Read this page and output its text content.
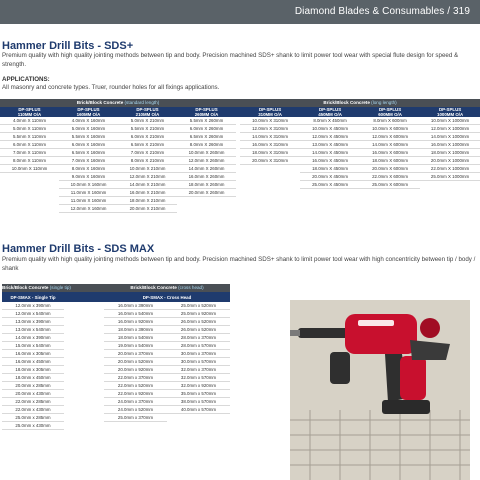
Diamond Blades & Consumables / 319
Hammer Drill Bits - SDS+
Premium quality with high quality jointing methods between tip and body. Precision machined SDS+ shank to limit power tool wear with special flute design for speed & strength.
APPLICATIONS:
All masonry and concrete types. Truer, rounder holes for all fixings applications.
Brick/Block Concrete (standard length)					Brick/Block Concrete (long length)			
DP-SPLUS
110MM O/A	DP-SPLUS
160MM O/A	DP-SPLUS
210MM O/A	DP-SPLUS
260MM O/A		DP-SPLUS
310MM O/A	DP-SPLUS
450MM O/A	DP-SPLUS
600MM O/A	DP-SPLUS
1000MM O/A
4.0mm X 110mm	4.0mm X 160mm	5.0mm X 210mm	5.5mm X 260mm		10.0mm X 310mm	8.0mm X 450mm	8.0mm X 600mm	10.0mm X 1000mm
5.0mm X 110mm	5.0mm X 160mm	5.5mm X 210mm	6.0mm X 260mm		12.0mm X 310mm	10.0mm X 450mm	10.0mm X 600mm	12.0mm X 1000mm
5.5mm X 110mm	5.5mm X 160mm	6.0mm X 210mm	6.5mm X 260mm		14.0mm X 310mm	12.0mm X 450mm	12.0mm X 600mm	14.0mm X 1000mm
6.0mm X 110mm	6.0mm X 160mm	6.5mm X 210mm	8.0mm X 260mm		16.0mm X 310mm	13.0mm X 450mm	14.0mm X 600mm	16.0mm X 1000mm
7.0mm X 110mm	6.5mm X 160mm	7.0mm X 210mm	10.0mm X 260mm		18.0mm X 310mm	14.0mm X 450mm	16.0mm X 600mm	18.0mm X 1000mm
8.0mm X 110mm	7.0mm X 160mm	8.0mm X 210mm	12.0mm X 260mm		20.0mm X 310mm	16.0mm X 450mm	18.0mm X 600mm	20.0mm X 1000mm
10.0mm X 110mm	8.0mm X 160mm	10.0mm X 210mm	14.0mm X 260mm			18.0mm X 450mm	20.0mm X 600mm	22.0mm X 1000mm
	9.0mm X 160mm	12.0mm X 210mm	16.0mm X 260mm			20.0mm X 450mm	22.0mm X 600mm	25.0mm X 1000mm
	10.0mm X 160mm	14.0mm X 210mm	18.0mm X 260mm			25.0mm X 450mm	25.0mm X 600mm	
	11.0mm X 160mm	16.0mm X 210mm	20.0mm X 260mm					
	11.0mm X 160mm	18.0mm X 210mm						
	12.0mm X 160mm	20.0mm X 210mm						
Hammer Drill Bits - SDS MAX
Premium quality with high quality jointing methods between tip and body. Precision machined SDS+ shank to limit power tool wear with high concentricity between tip / body / shank
Brick/Block Concrete (single tip)		Brick/Block Concrete (cross head)	
DP-SMAX - Single Tip		DP-SMAX - Cross Head	
12.0mm x 390mm		16.0mm x 390mm	25.0mm x 520mm
12.0mm x 540mm		16.0mm x 540mm	25.0mm x 920mm
13.0mm x 390mm		16.0mm x 920mm	26.0mm x 520mm
13.0mm x 540mm		18.0mm x 390mm	26.0mm x 520mm
14.0mm x 390mm		18.0mm x 540mm	28.0mm x 370mm
15.0mm x 540mm		19.0mm x 540mm	28.0mm x 570mm
16.0mm x 305mm		20.0mm x 370mm	30.0mm x 370mm
16.0mm x 450mm		20.0mm x 520mm	30.0mm x 570mm
18.0mm x 305mm		20.0mm x 920mm	32.0mm x 370mm
18.0mm x 450mm		22.0mm x 370mm	32.0mm x 570mm
20.0mm x 285mm		22.0mm x 520mm	32.0mm x 920mm
20.0mm x 430mm		22.0mm x 920mm	35.0mm x 570mm
22.0mm x 285mm		24.0mm x 370mm	38.0mm x 570mm
22.0mm x 430mm		24.0mm x 520mm	40.0mm x 570mm
25.0mm x 285mm		25.0mm x 370mm	
25.0mm x 430mm			
